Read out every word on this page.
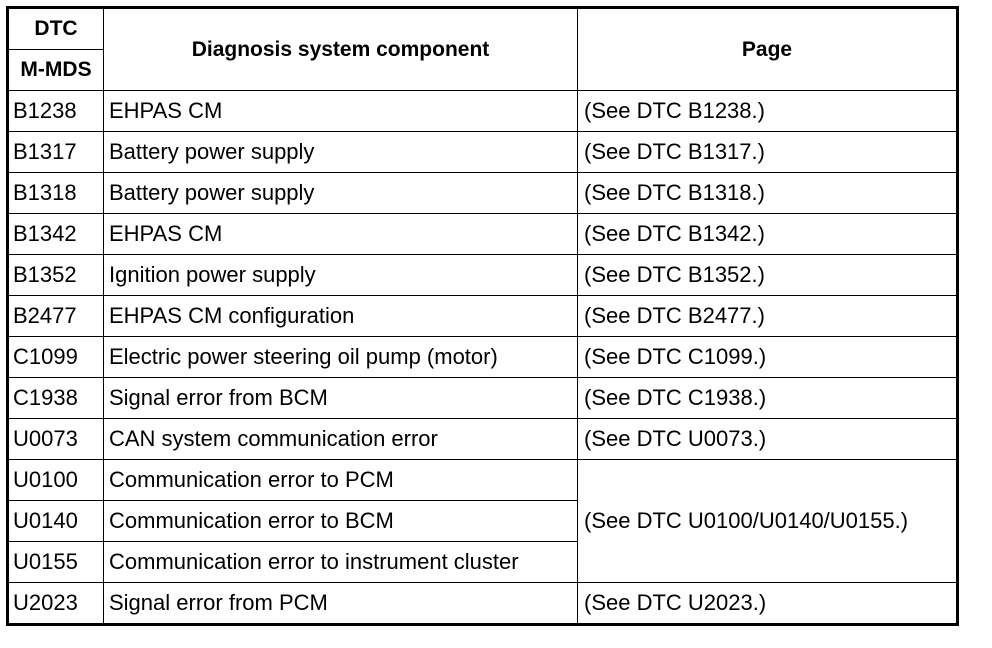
DTC	Diagnosis system component	Page
M-MDS		
B1238	EHPAS CM	(See DTC B1238.)
B1317	Battery power supply	(See DTC B1317.)
B1318	Battery power supply	(See DTC B1318.)
B1342	EHPAS CM	(See DTC B1342.)
B1352	Ignition power supply	(See DTC B1352.)
B2477	EHPAS CM configuration	(See DTC B2477.)
C1099	Electric power steering oil pump (motor)	(See DTC C1099.)
C1938	Signal error from BCM	(See DTC C1938.)
U0073	CAN system communication error	(See DTC U0073.)
U0100	Communication error to PCM	(See DTC U0100/U0140/U0155.)
U0140	Communication error to BCM	
U0155	Communication error to instrument cluster	
U2023	Signal error from PCM	(See DTC U2023.)
